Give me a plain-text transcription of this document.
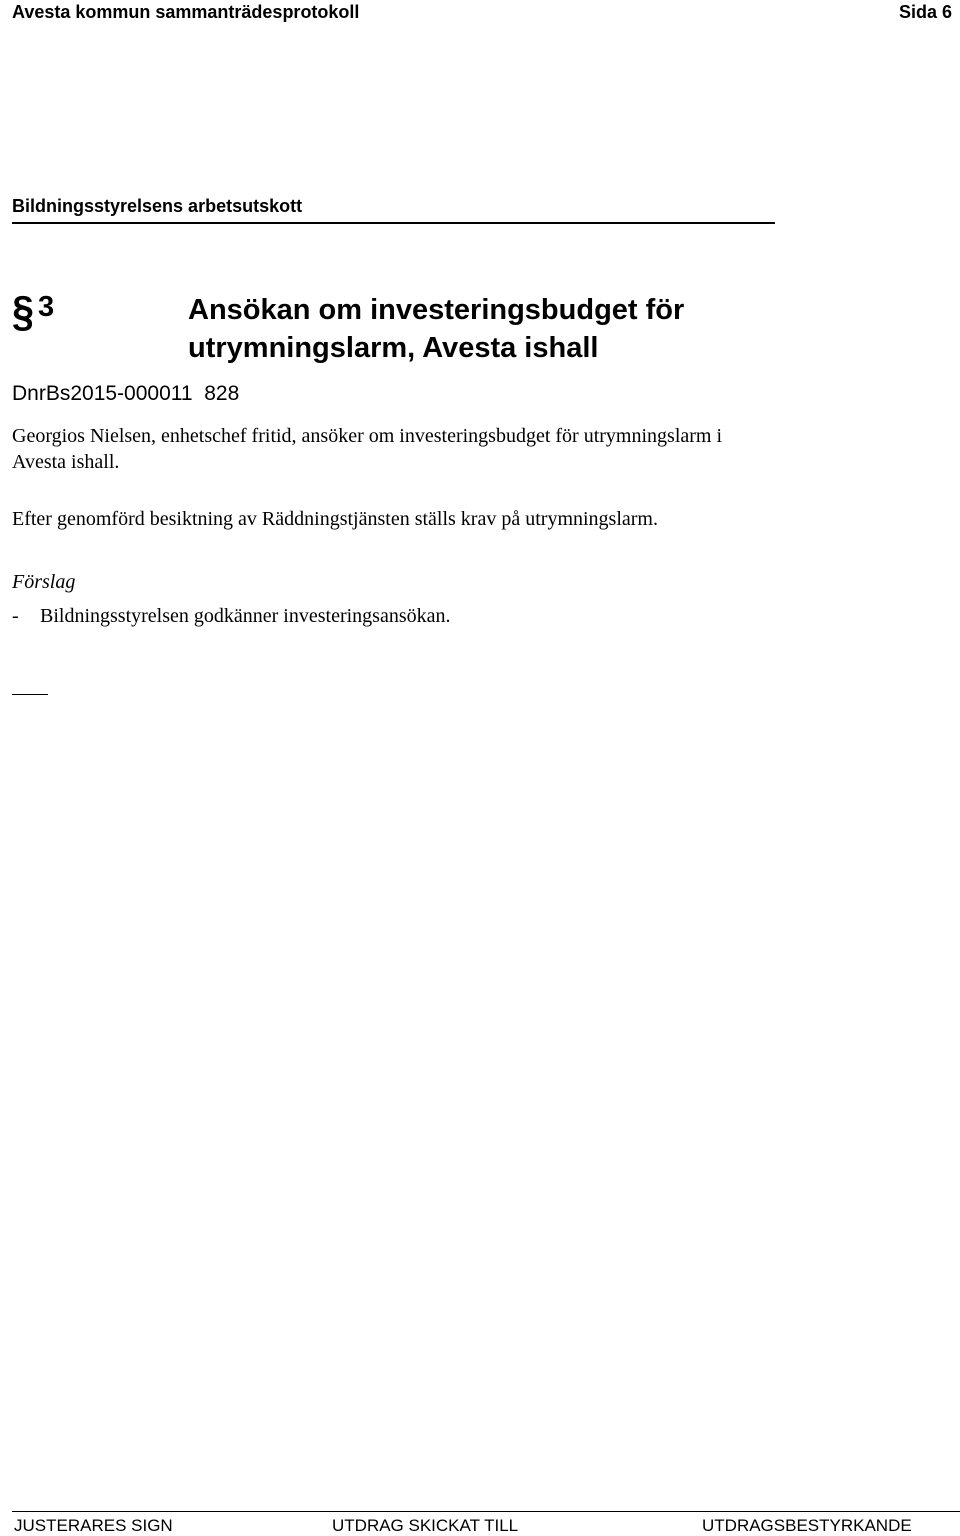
Avesta kommun sammanträdesprotokoll	Sida 6
Bildningsstyrelsens arbetsutskott
§ 3	Ansökan om investeringsbudget för
utrymningslarm, Avesta ishall
DnrBs2015-000011  828
Georgios Nielsen, enhetschef fritid, ansöker om investeringsbudget för utrymningslarm i
Avesta ishall.
Efter genomförd besiktning av Räddningstjänsten ställs krav på utrymningslarm.
Förslag
- Bildningsstyrelsen godkänner investeringsansökan.
JUSTERARES SIGN	UTDRAG SKICKAT TILL	UTDRAGSBESTYRKANDE
